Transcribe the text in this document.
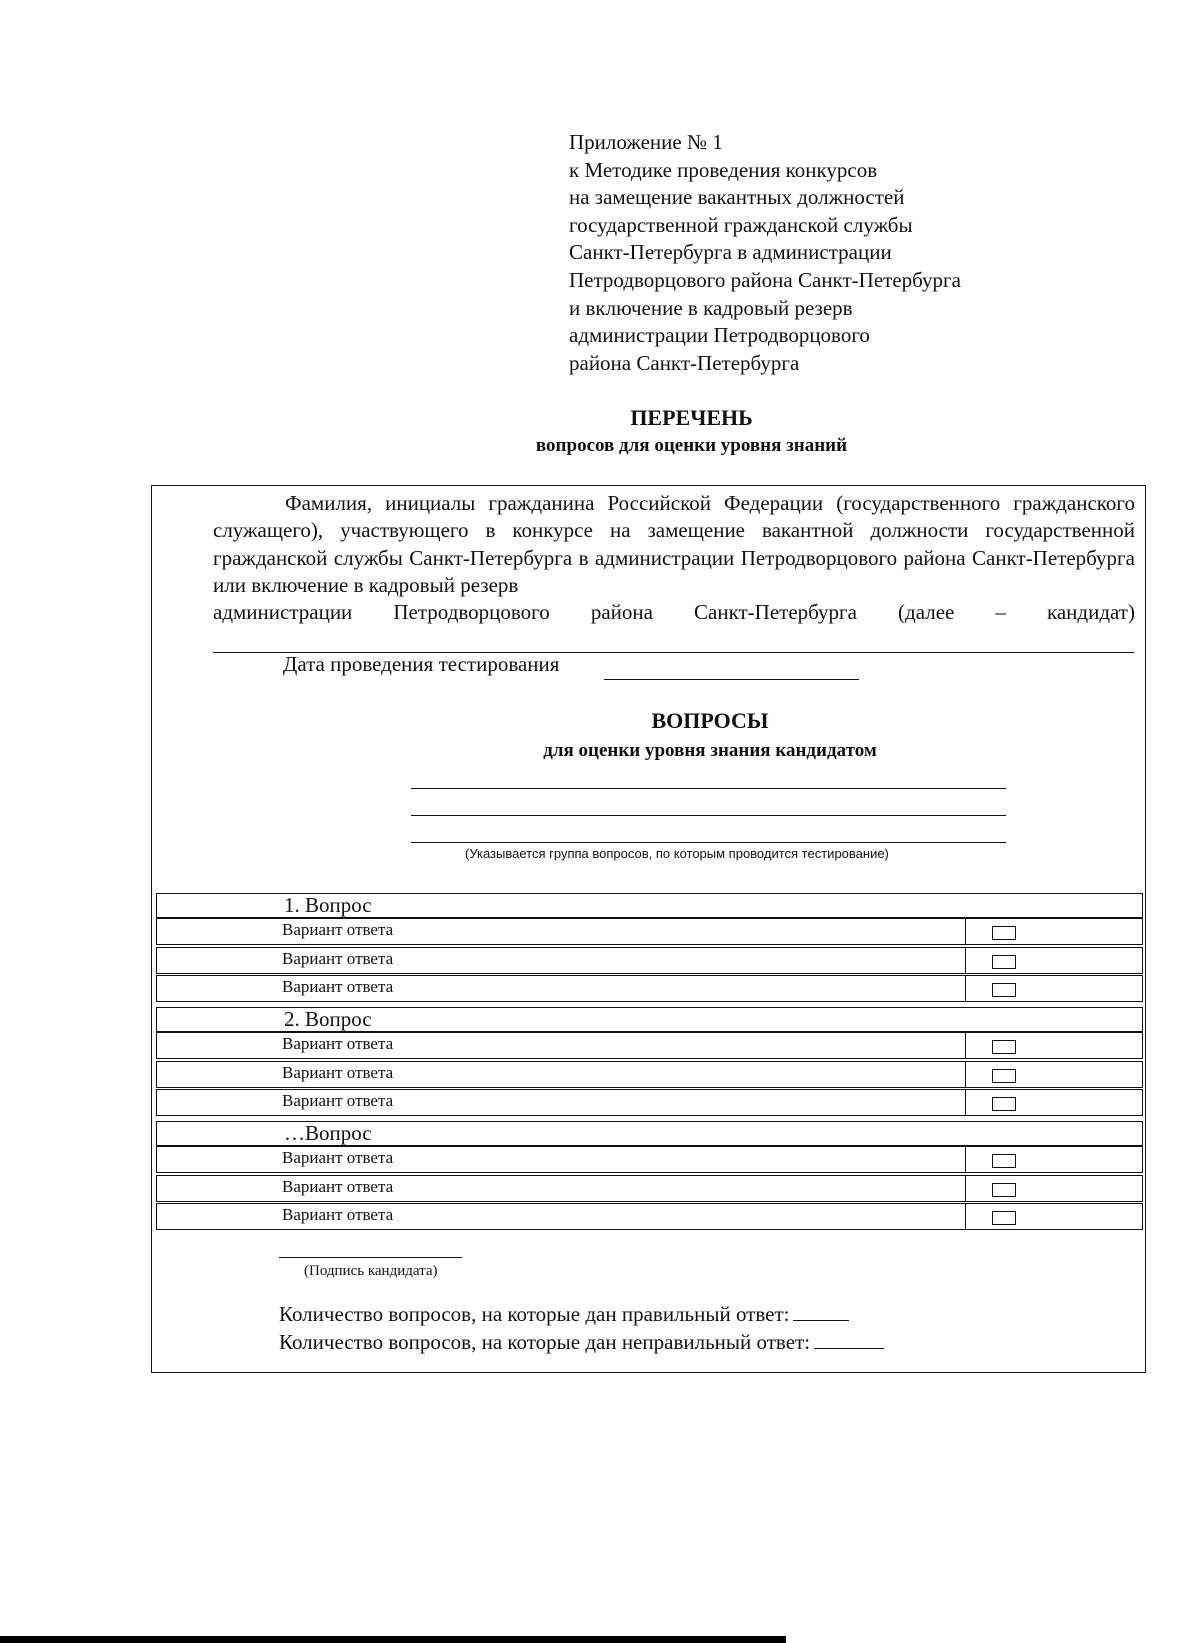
Приложение № 1
к Методике проведения конкурсов
на замещение вакантных должностей
государственной гражданской службы
Санкт-Петербурга в администрации
Петродворцового района Санкт-Петербурга
и включение в кадровый резерв
администрации Петродворцового
района Санкт-Петербурга
ПЕРЕЧЕНЬ
вопросов для оценки уровня знаний

Фамилия, инициалы гражданина Российской Федерации (государственного гражданского служащего), участвующего в конкурсе на замещение вакантной должности государственной гражданской службы Санкт-Петербурга в администрации Петродворцового района Санкт-Петербурга или включение в кадровый резерв

администрации Петродворцового района Санкт-Петербурга (далее – кандидат)
Дата проведения тестирования
ВОПРОСЫ
для оценки уровня знания кандидатом
(Указывается группа вопросов, по которым проводится тестирование)
1. Вопрос
Вариант ответа
Вариант ответа
Вариант ответа
2. Вопрос
Вариант ответа
Вариант ответа
Вариант ответа
…Вопрос
Вариант ответа
Вариант ответа
Вариант ответа
(Подпись кандидата)
Количество вопросов, на которые дан правильный ответ:
Количество вопросов, на которые дан неправильный ответ:
